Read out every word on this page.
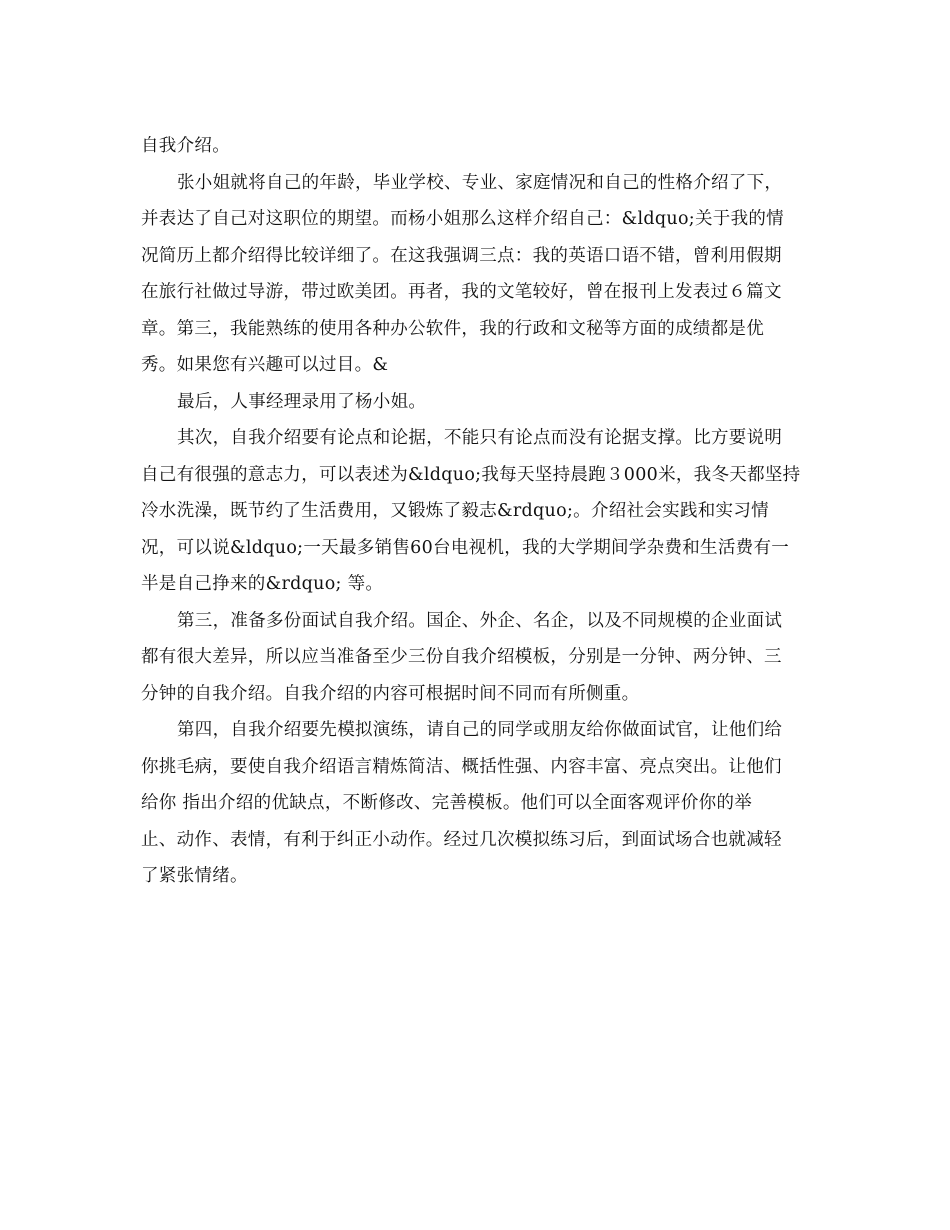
自我介绍。
张小姐就将自己的年龄，毕业学校、专业、家庭情况和自己的性格介绍了下，
并表达了自己对这职位的期望。而杨小姐那么这样介绍自己：&ldquo;关于我的情
况简历上都介绍得比较详细了。在这我强调三点：我的英语口语不错，曾利用假期
在旅行社做过导游，带过欧美团。再者，我的文笔较好，曾在报刊上发表过６篇文
章。第三，我能熟练的使用各种办公软件，我的行政和文秘等方面的成绩都是优
秀。如果您有兴趣可以过目。&
最后，人事经理录用了杨小姐。
其次，自我介绍要有论点和论据，不能只有论点而没有论据支撑。比方要说明
自己有很强的意志力，可以表述为&ldquo;我每天坚持晨跑３000米，我冬天都坚持
冷水洗澡，既节约了生活费用，又锻炼了毅志&rdquo;。介绍社会实践和实习情
况，可以说&ldquo;一天最多销售60台电视机，我的大学期间学杂费和生活费有一
半是自己挣来的&rdquo; 等。
第三，准备多份面试自我介绍。国企、外企、名企，以及不同规模的企业面试
都有很大差异，所以应当准备至少三份自我介绍模板，分别是一分钟、两分钟、三
分钟的自我介绍。自我介绍的内容可根据时间不同而有所侧重。
第四，自我介绍要先模拟演练，请自己的同学或朋友给你做面试官，让他们给
你挑毛病，要使自我介绍语言精炼简洁、概括性强、内容丰富、亮点突出。让他们
给你 指出介绍的优缺点，不断修改、完善模板。他们可以全面客观评价你的举
止、动作、表情，有利于纠正小动作。经过几次模拟练习后，到面试场合也就减轻
了紧张情绪。
